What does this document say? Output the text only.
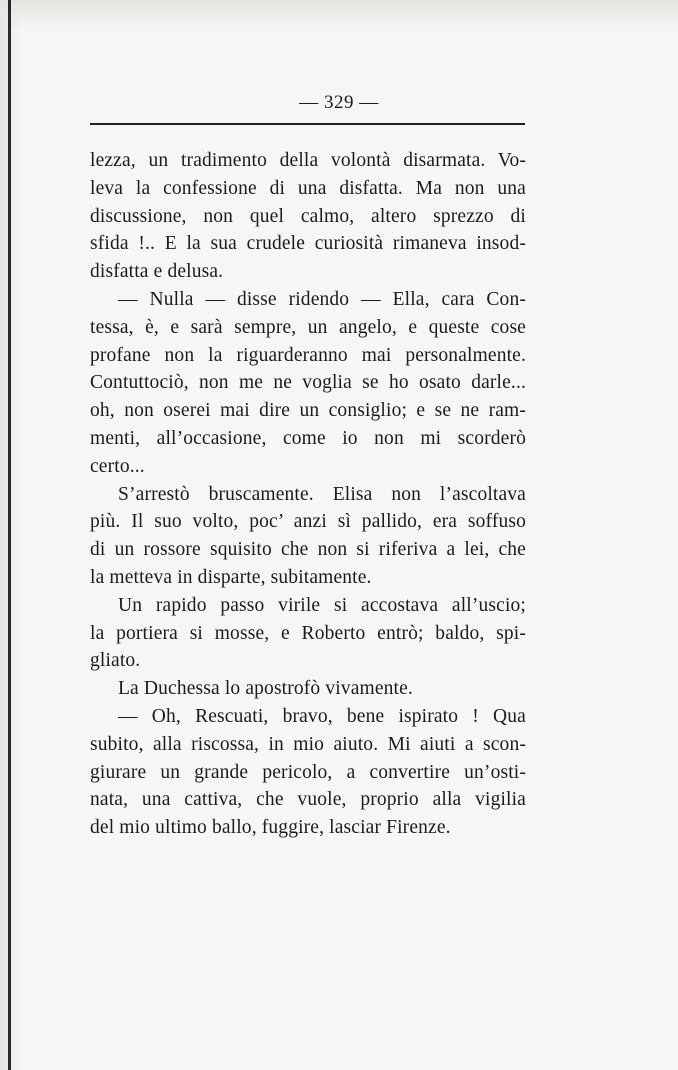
— 329 —
lezza, un tradimento della volontà disarmata. Vo-
leva la confessione di una disfatta. Ma non una
discussione, non quel calmo, altero sprezzo di
sfida !.. E la sua crudele curiosità rimaneva insod-
disfatta e delusa.
— Nulla — disse ridendo — Ella, cara Con-
tessa, è, e sarà sempre, un angelo, e queste cose
profane non la riguarderanno mai personalmente.
Contuttociò, non me ne voglia se ho osato darle...
oh, non oserei mai dire un consiglio; e se ne ram-
menti, all’occasione, come io non mi scorderò
certo...
S’arrestò bruscamente. Elisa non l’ascoltava
più. Il suo volto, poc’ anzi sì pallido, era soffuso
di un rossore squisito che non si riferiva a lei, che
la metteva in disparte, subitamente.
Un rapido passo virile si accostava all’uscio;
la portiera si mosse, e Roberto entrò; baldo, spi-
gliato.
La Duchessa lo apostrofò vivamente.
— Oh, Rescuati, bravo, bene ispirato ! Qua
subito, alla riscossa, in mio aiuto. Mi aiuti a scon-
giurare un grande pericolo, a convertire un’osti-
nata, una cattiva, che vuole, proprio alla vigilia
del mio ultimo ballo, fuggire, lasciar Firenze.
